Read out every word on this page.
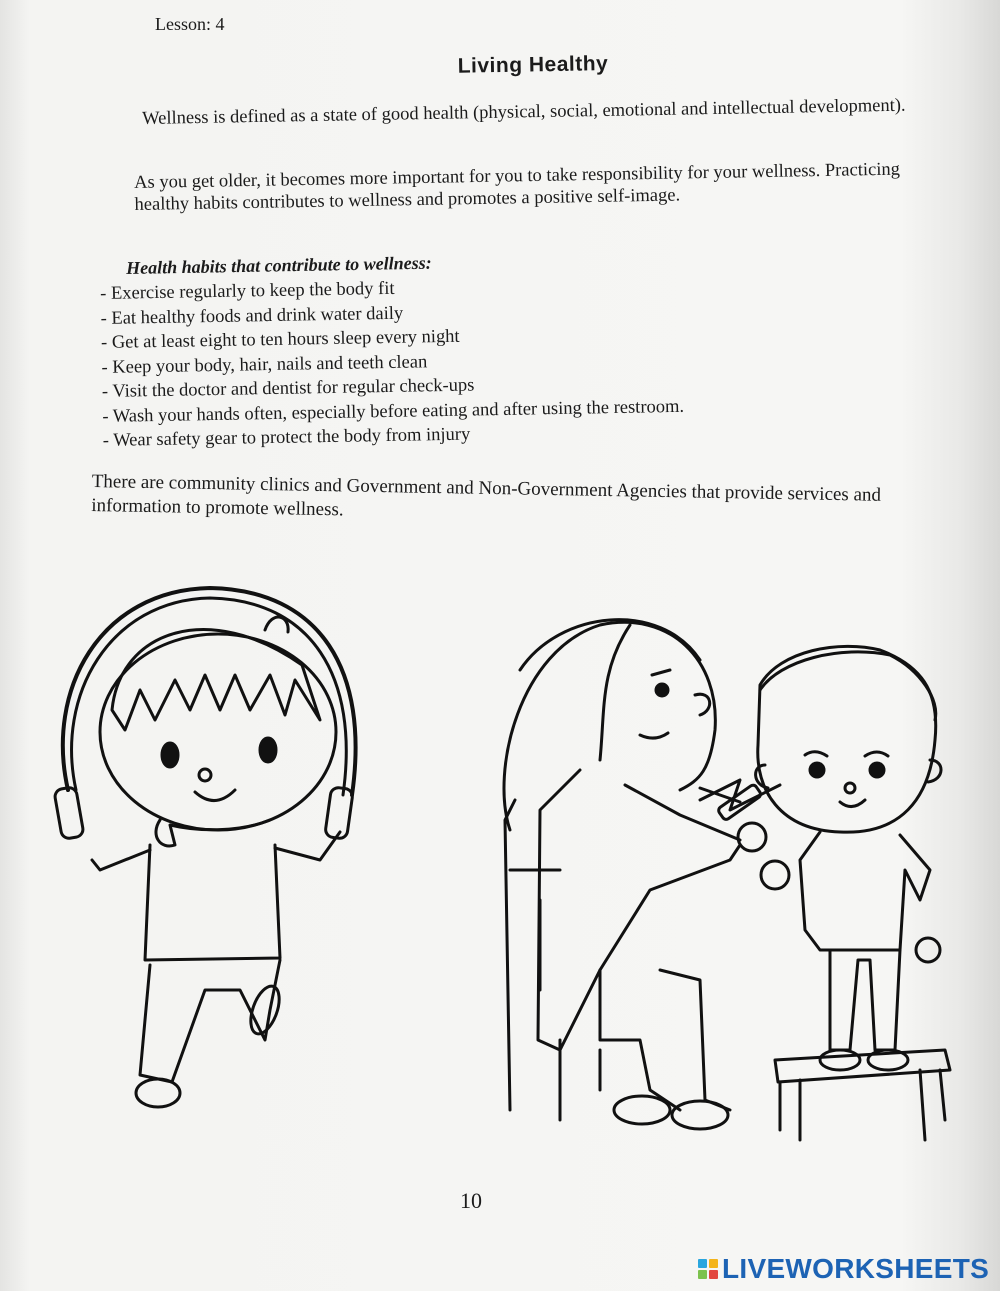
Lesson: 4
Living Healthy
Wellness is defined as a state of good health (physical, social, emotional and intellectual development).
As you get older, it becomes more important for you to take responsibility for your wellness. Practicing healthy habits contributes to wellness and promotes a positive self-image.
Health habits that contribute to wellness:
- Exercise regularly to keep the body fit
- Eat healthy foods and drink water daily
- Get at least eight to ten hours sleep every night
- Keep your body, hair, nails and teeth clean
- Visit the doctor and dentist for regular check-ups
- Wash your hands often, especially before eating and after using the restroom.
- Wear safety gear to protect the body from injury
There are community clinics and Government and Non-Government Agencies that provide services and information to promote wellness.
10
LIVEWORKSHEETS
